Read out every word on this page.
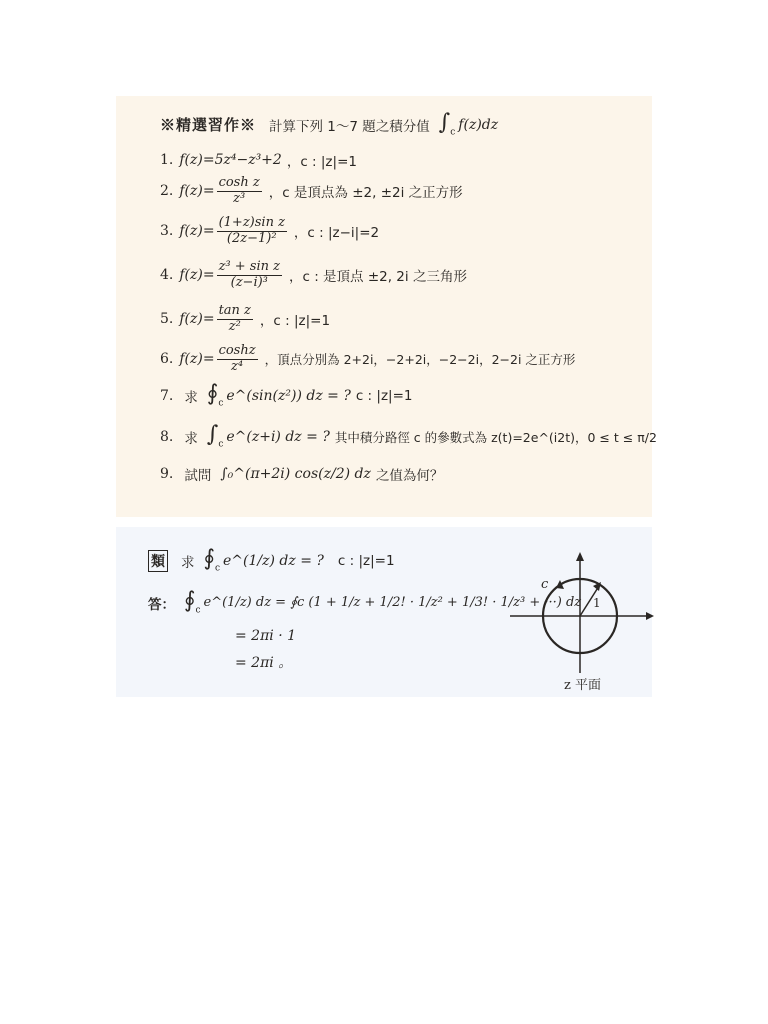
※精選習作※ 計算下列 1～7 題之積分值 $\int_c$ f(z)dz
1. f(z)=5z⁴−z³+2 ，c : |z|=1
2. $f(z)= \frac{\text{cosh z}}{\text{z³}}$ ，c 是頂点為 ±2, ±2i 之正方形
3. $f(z)= \frac{\text{(1+z)sin z}}{\text{(2z−1)²}}$ ，c : |z−i|=2
4. $f(z)= \frac{\text{z³ + sin z}}{\text{(z−i)³}}$ ，c : 是頂点 ±2, 2i 之三角形
5. $f(z)= \frac{\text{tan z}}{\text{z²}}$ ，c : |z|=1
6. $f(z)= \frac{\cosh z}{\text{z⁴}}$ ，頂点分別為 2+2i，−2+2i，−2−2i，2−2i 之正方形
7. 求 $∮_c$ e^(sin(z²)) dz = ? c : |z|=1
8. 求 $\int_c$ e^(z+i) dz = ? 其中積分路徑 c 的參數式為 z(t)=2e^(i2t)，0 ≤ t ≤ π/2
9. 試問 ∫₀^(π+2i) cos(z/2) dz 之值為何？
類 求 $∮_c$ e^(1/z) dz = ? c : |z|=1
答： $∮_c$
e^(1/z) dz = ∮c (1 + 1/z + 1/2! · 1/z² + 1/3! · 1/z³ + ···) dz
= 2πi · 1
= 2πi 。
c
1
z 平面
